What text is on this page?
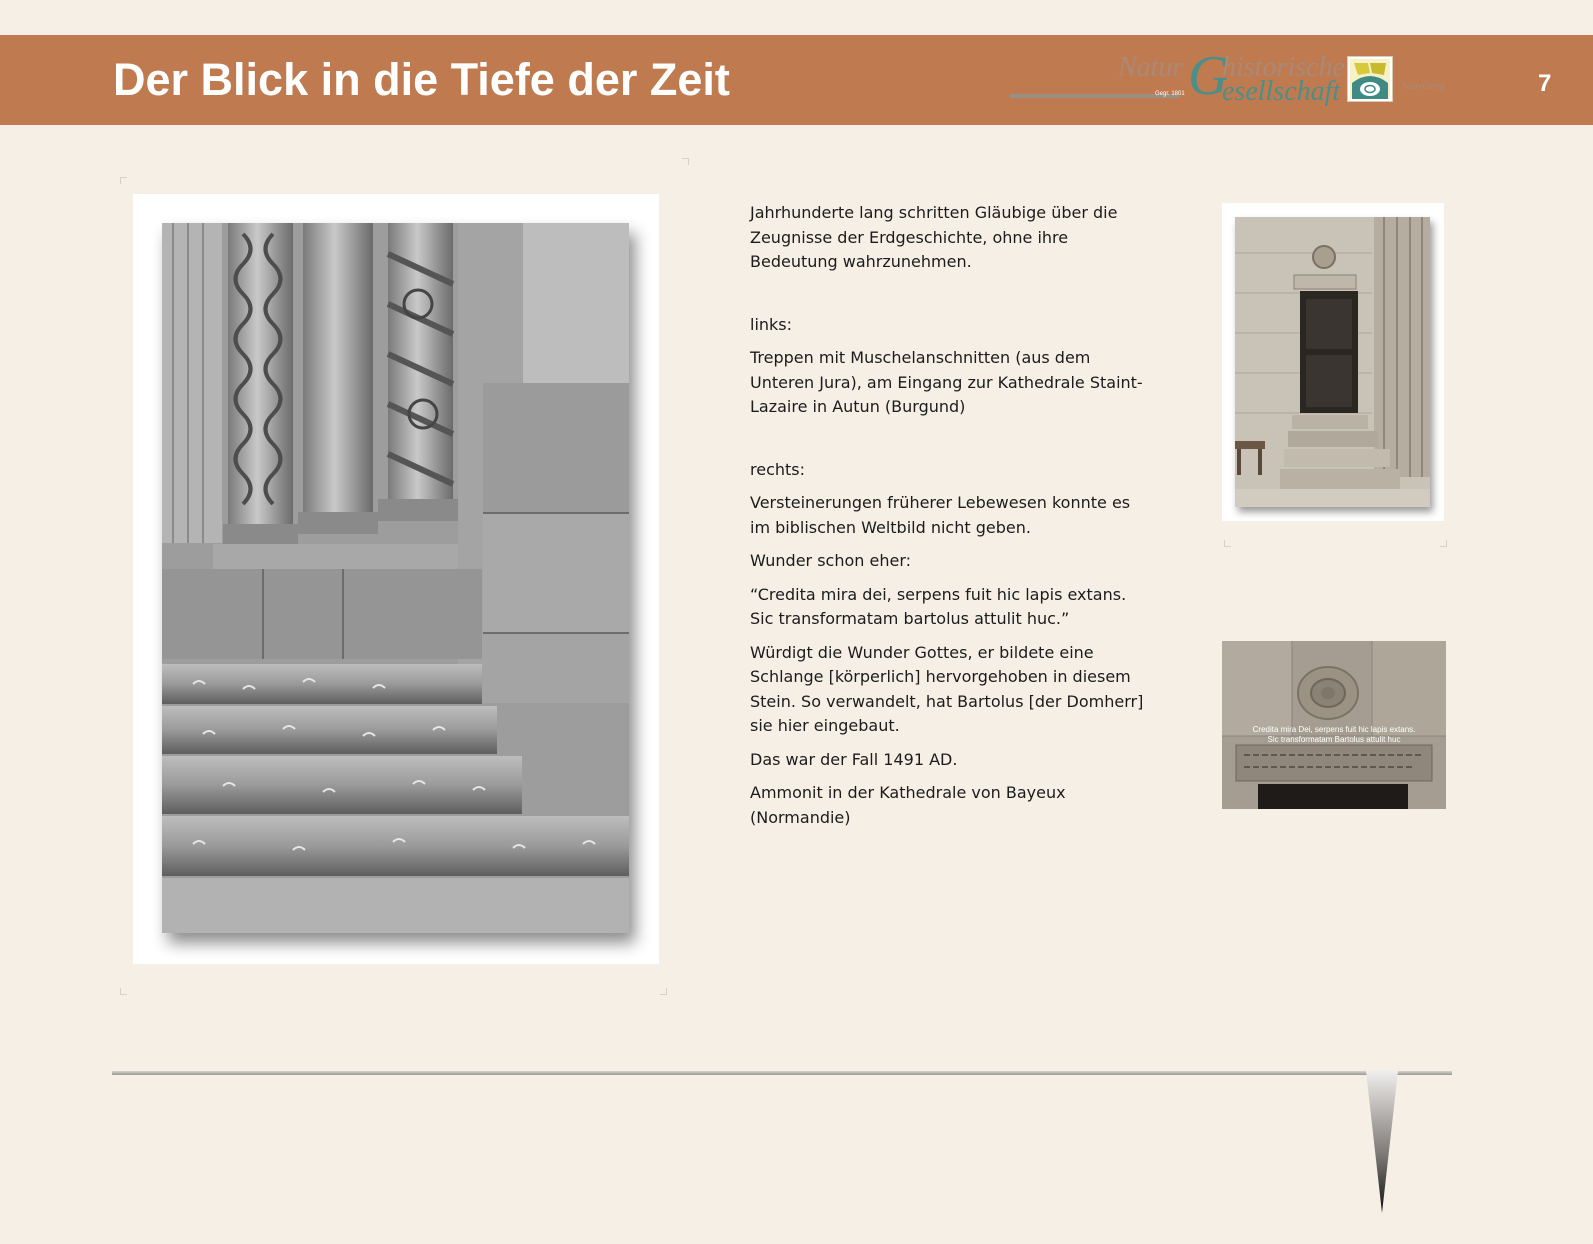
Der Blick in die Tiefe der Zeit	7
Natur G
historische
esellschaft
Gegr. 1801
Nürnberg

Jahrhunderte lang schritten Gläubige über die Zeugnisse der Erdgeschichte, ohne ihre Bedeutung wahrzunehmen.

links:

Treppen mit Muschelanschnitten (aus dem Unteren Jura), am Eingang zur Kathedrale Staint-Lazaire in Autun (Burgund)

rechts:

Versteinerungen früherer Lebewesen konnte es im biblischen Weltbild nicht geben.

Wunder schon eher:

“Credita mira dei, serpens fuit hic lapis extans. Sic transformatam bartolus attulit huc.”

Würdigt die Wunder Gottes, er bildete eine Schlange [körperlich] hervorgehoben in diesem Stein. So verwandelt, hat Bartolus [der Domherr] sie hier eingebaut.

Das war der Fall 1491 AD.

Ammonit in der Kathedrale von Bayeux (Normandie)

Credita mira Dei, serpens fuit hic lapis extans.
Sic transformatam Bartolus attulit huc
